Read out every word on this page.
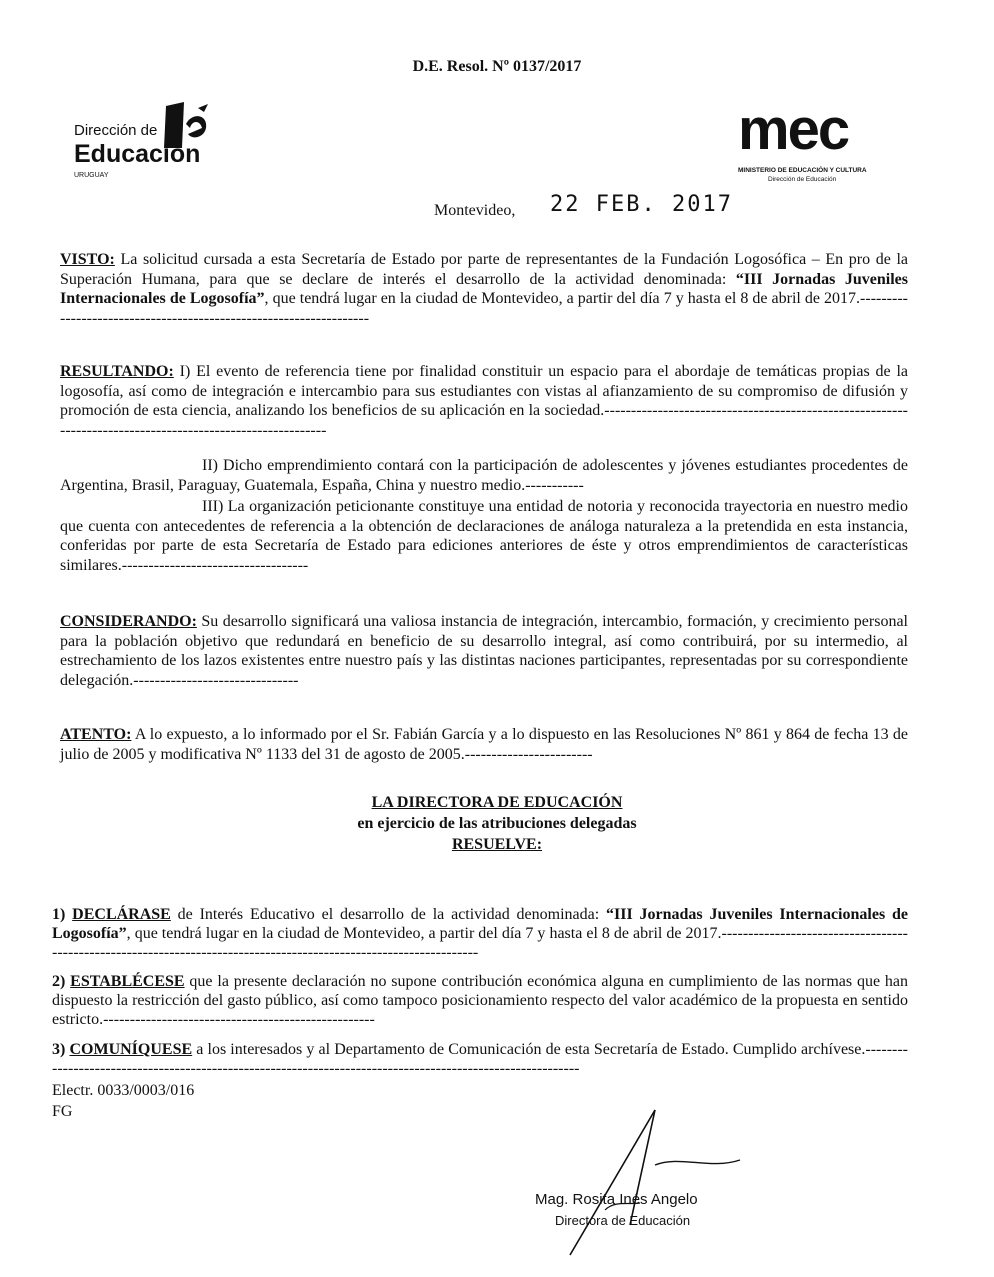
D.E. Resol. Nº 0137/2017
Dirección de
Educación
URUGUAY
mec
MINISTERIO DE EDUCACIÓN Y CULTURA
Dirección de Educación
Montevideo, 22 FEB. 2017
VISTO: La solicitud cursada a esta Secretaría de Estado por parte de representantes de la Fundación Logosófica – En pro de la Superación Humana, para que se declare de interés el desarrollo de la actividad denominada: “III Jornadas Juveniles Internacionales de Logosofía”, que tendrá lugar en la ciudad de Montevideo, a partir del día 7 y hasta el 8 de abril de 2017.-------------------------------------------------------------------
RESULTANDO: I) El evento de referencia tiene por finalidad constituir un espacio para el abordaje de temáticas propias de la logosofía, así como de integración e intercambio para sus estudiantes con vistas al afianzamiento de su compromiso de difusión y promoción de esta ciencia, analizando los beneficios de su aplicación en la sociedad.-----------------------------------------------------------------------------------------------------------
II) Dicho emprendimiento contará con la participación de adolescentes y jóvenes estudiantes procedentes de Argentina, Brasil, Paraguay, Guatemala, España, China y nuestro medio.-----------
III) La organización peticionante constituye una entidad de notoria y reconocida trayectoria en nuestro medio que cuenta con antecedentes de referencia a la obtención de declaraciones de análoga naturaleza a la pretendida en esta instancia, conferidas por parte de esta Secretaría de Estado para ediciones anteriores de éste y otros emprendimientos de características similares.-----------------------------------
CONSIDERANDO: Su desarrollo significará una valiosa instancia de integración, intercambio, formación, y crecimiento personal para la población objetivo que redundará en beneficio de su desarrollo integral, así como contribuirá, por su intermedio, al estrechamiento de los lazos existentes entre nuestro país y las distintas naciones participantes, representadas por su correspondiente delegación.-------------------------------
ATENTO: A lo expuesto, a lo informado por el Sr. Fabián García y a lo dispuesto en las Resoluciones Nº 861 y 864 de fecha 13 de julio de 2005 y modificativa Nº 1133 del 31 de agosto de 2005.------------------------
LA DIRECTORA DE EDUCACIÓN
en ejercicio de las atribuciones delegadas
RESUELVE:
1) DECLÁRASE de Interés Educativo el desarrollo de la actividad denominada: “III Jornadas Juveniles Internacionales de Logosofía”, que tendrá lugar en la ciudad de Montevideo, a partir del día 7 y hasta el 8 de abril de 2017.-------------------------------------------------------------------------------------------------------------------
2) ESTABLÉCESE que la presente declaración no supone contribución económica alguna en cumplimiento de las normas que han dispuesto la restricción del gasto público, así como tampoco posicionamiento respecto del valor académico de la propuesta en sentido estricto.---------------------------------------------------
3) COMUNÍQUESE a los interesados y al Departamento de Comunicación de esta Secretaría de Estado. Cumplido archívese.-----------------------------------------------------------------------------------------------------------
Electr. 0033/0003/016
FG
Mag. Rosita Inés Angelo
Directora de Educación
